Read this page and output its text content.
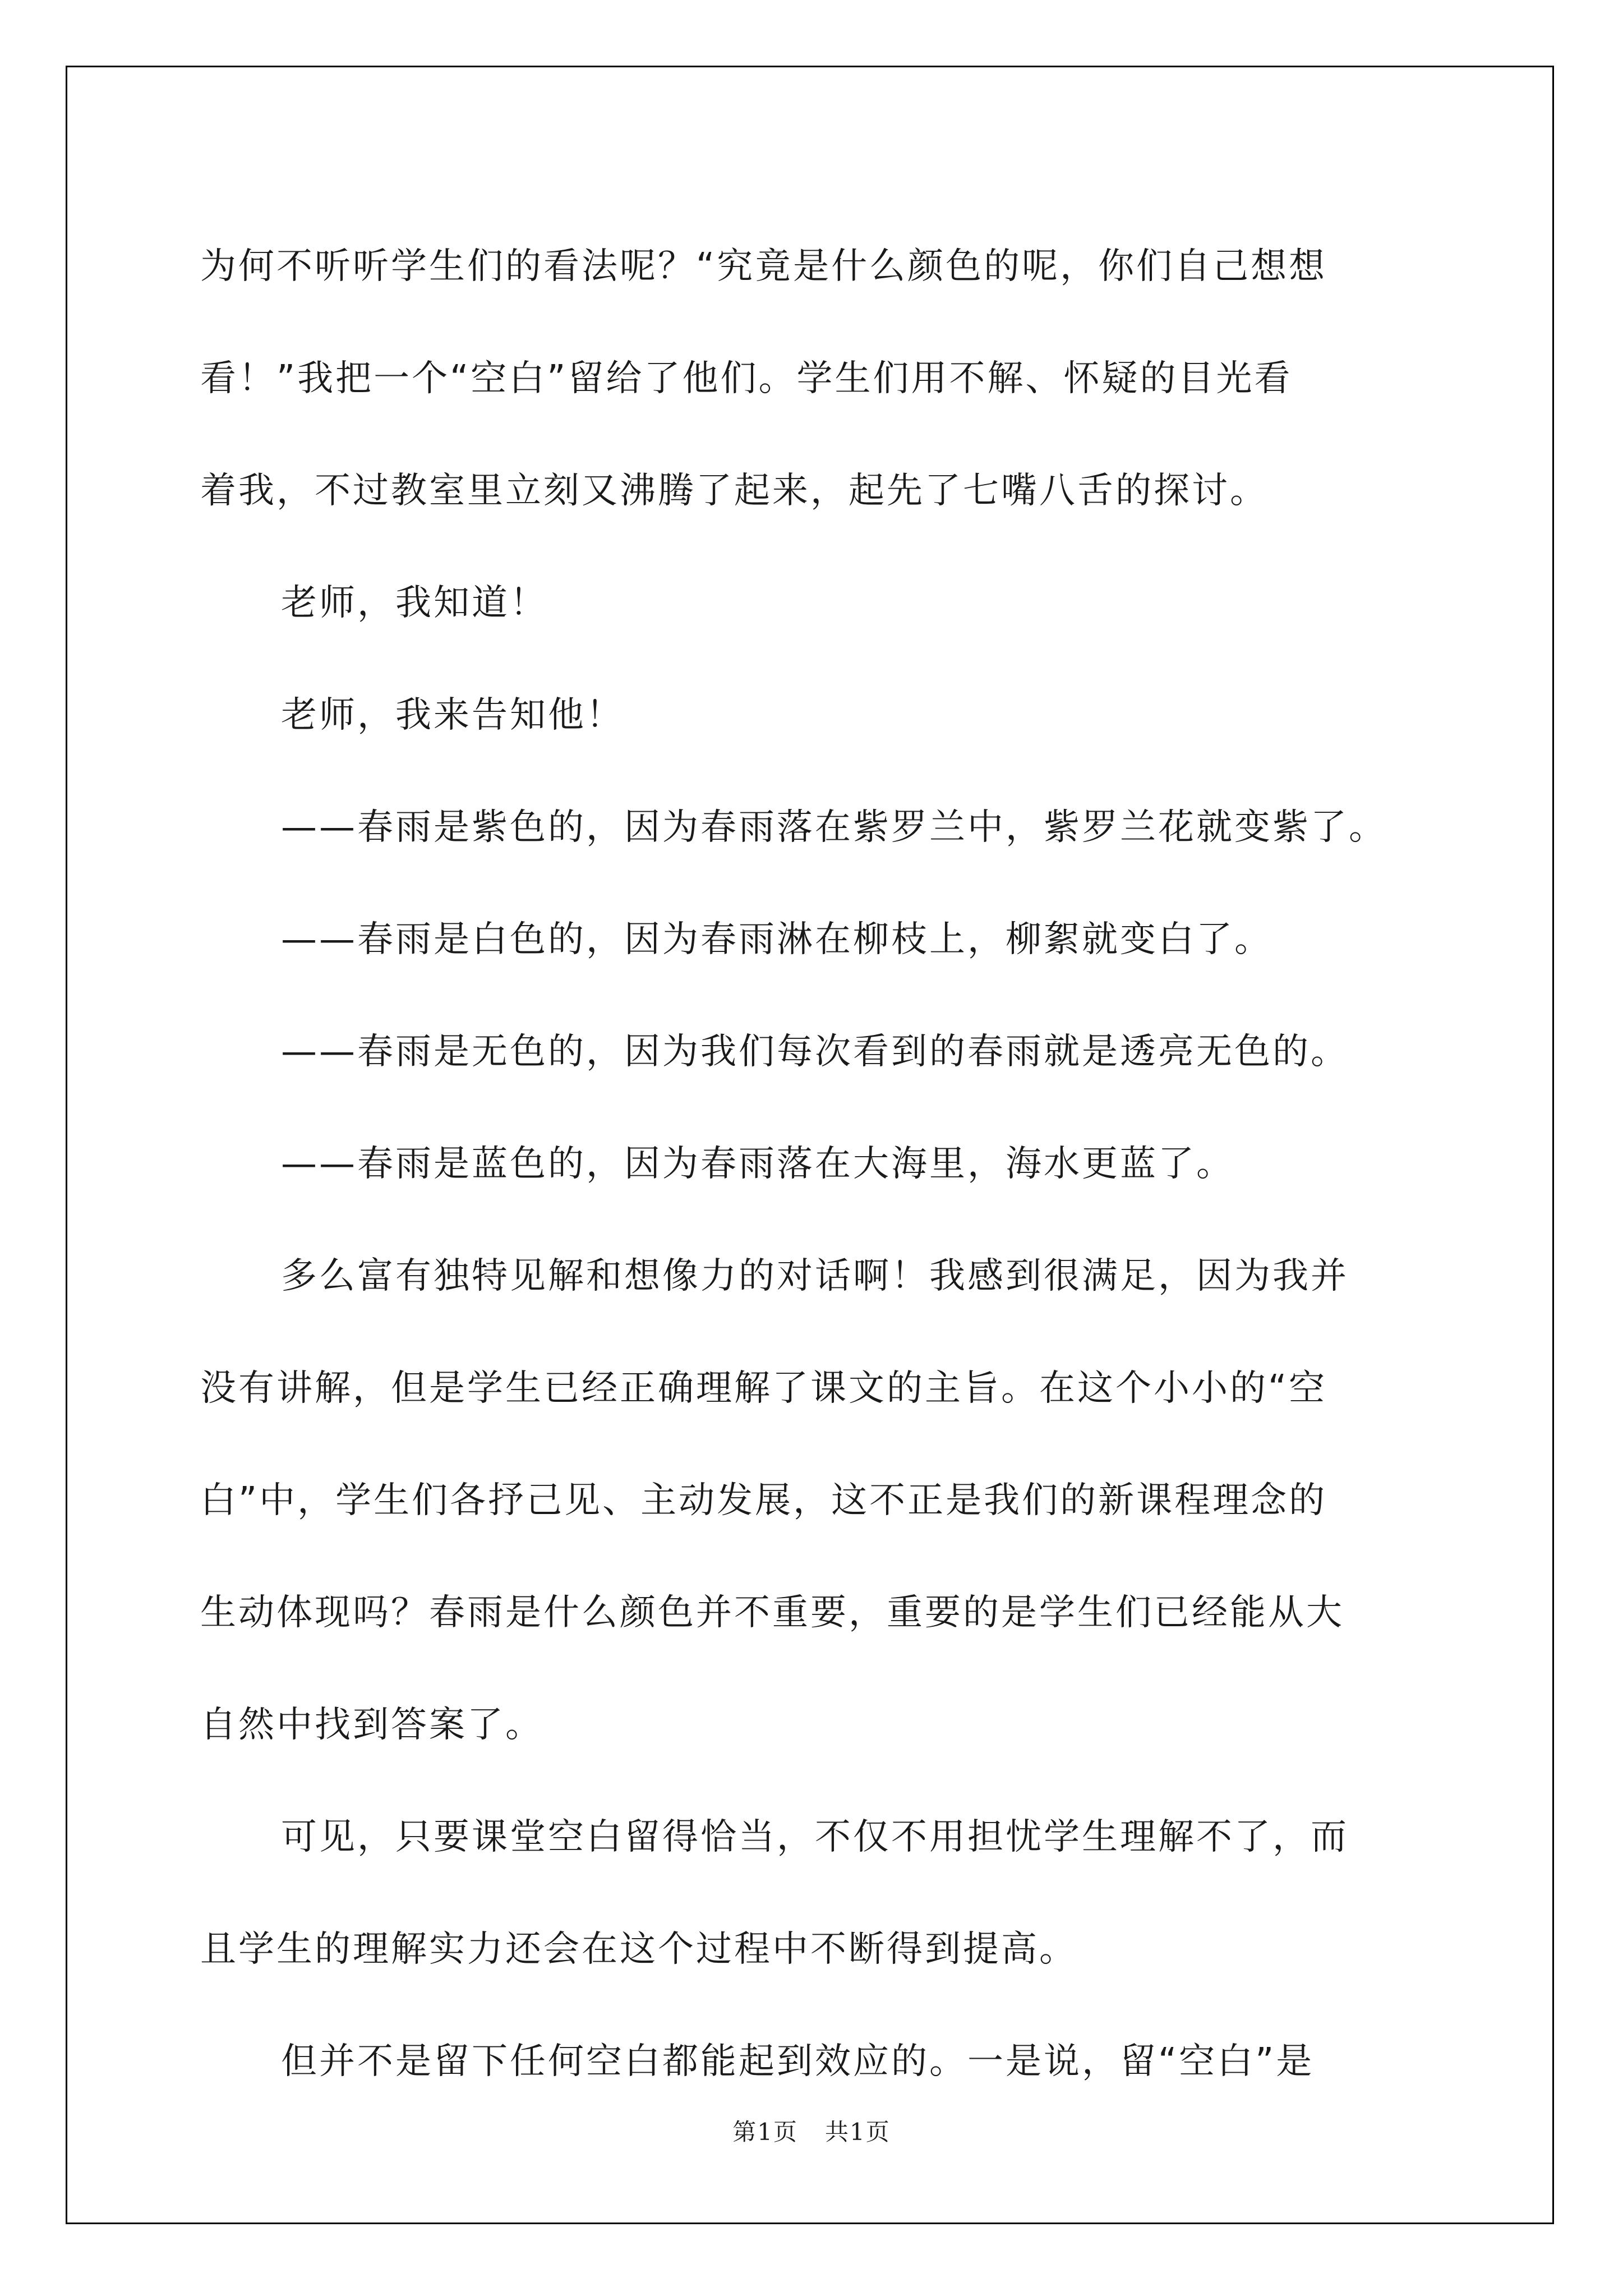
为何不听听学生们的看法呢？“究竟是什么颜色的呢，你们自己想想

看！”我把一个“空白”留给了他们。学生们用不解、怀疑的目光看

着我，不过教室里立刻又沸腾了起来，起先了七嘴八舌的探讨。

老师，我知道！

老师，我来告知他！

——春雨是紫色的，因为春雨落在紫罗兰中，紫罗兰花就变紫了。

——春雨是白色的，因为春雨淋在柳枝上，柳絮就变白了。

——春雨是无色的，因为我们每次看到的春雨就是透亮无色的。

——春雨是蓝色的，因为春雨落在大海里，海水更蓝了。

多么富有独特见解和想像力的对话啊！我感到很满足，因为我并

没有讲解，但是学生已经正确理解了课文的主旨。在这个小小的“空

白”中，学生们各抒己见、主动发展，这不正是我们的新课程理念的

生动体现吗？春雨是什么颜色并不重要，重要的是学生们已经能从大

自然中找到答案了。

可见，只要课堂空白留得恰当，不仅不用担忧学生理解不了，而

且学生的理解实力还会在这个过程中不断得到提高。

但并不是留下任何空白都能起到效应的。一是说，留“空白”是

第1页 共1页
